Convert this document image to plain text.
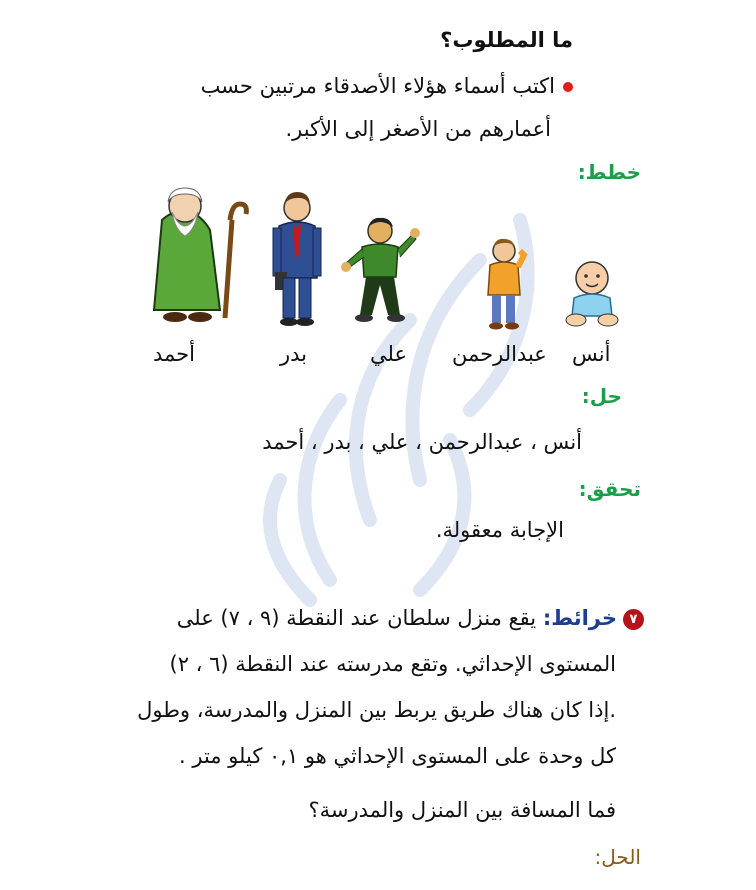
ما المطلوب؟
اكتب أسماء هؤلاء الأصدقاء مرتبين حسب
أعمارهم من الأصغر إلى الأكبر.
خطط:
أنس
عبدالرحمن
علي
بدر
أحمد
حل:
أنس ، عبدالرحمن ، علي ، بدر ، أحمد
تحقق:
الإجابة معقولة.
٧خرائط: يقع منزل سلطان عند النقطة (٩ ، ٧) على
المستوى الإحداثي. وتقع مدرسته عند النقطة (٦ ، ٢)
.إذا كان هناك طريق يربط بين المنزل والمدرسة، وطول
كل وحدة على المستوى الإحداثي هو ٠,١ كيلو متر .
فما المسافة بين المنزل والمدرسة؟
الحل:
